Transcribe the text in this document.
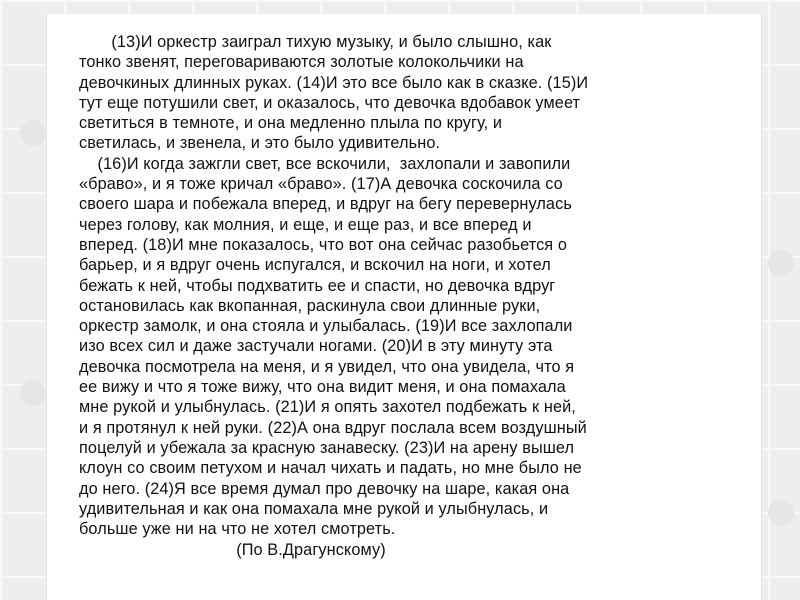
(13)И оркестр заиграл тихую музыку, и было слышно, как
тонко звенят, переговариваются золотые колокольчики на
девочкиных длинных руках. (14)И это все было как в сказке. (15)И
тут еще потушили свет, и оказалось, что девочка вдобавок умеет
светиться в темноте, и она медленно плыла по кругу, и
светилась, и звенела, и это было удивительно.
(16)И когда зажгли свет, все вскочили,  захлопали и завопили
«браво», и я тоже кричал «браво». (17)А девочка соскочила со
своего шара и побежала вперед, и вдруг на бегу перевернулась
через голову, как молния, и еще, и еще раз, и все вперед и
вперед. (18)И мне показалось, что вот она сейчас разобьется о
барьер, и я вдруг очень испугался, и вскочил на ноги, и хотел
бежать к ней, чтобы подхватить ее и спасти, но девочка вдруг
остановилась как вкопанная, раскинула свои длинные руки,
оркестр замолк, и она стояла и улыбалась. (19)И все захлопали
изо всех сил и даже застучали ногами. (20)И в эту минуту эта
девочка посмотрела на меня, и я увидел, что она увидела, что я
ее вижу и что я тоже вижу, что она видит меня, и она помахала
мне рукой и улыбнулась. (21)И я опять захотел подбежать к ней,
и я протянул к ней руки. (22)А она вдруг послала всем воздушный
поцелуй и убежала за красную занавеску. (23)И на арену вышел
клоун со своим петухом и начал чихать и падать, но мне было не
до него. (24)Я все время думал про девочку на шаре, какая она
удивительная и как она помахала мне рукой и улыбнулась, и
больше уже ни на что не хотел смотреть.
(По В.Драгунскому)
